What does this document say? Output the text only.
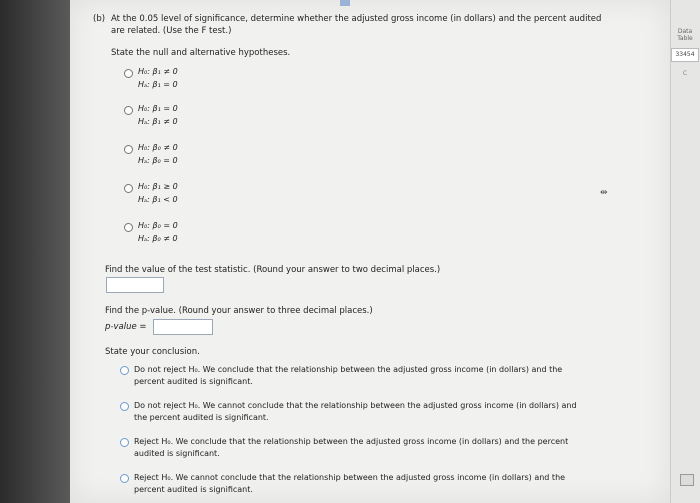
(b) At the 0.05 level of significance, determine whether the adjusted gross income (in dollars) and the percent audited
are related. (Use the F test.)
State the null and alternative hypotheses.
H₀: β₁ ≠ 0
Hₐ: β₁ = 0
H₀: β₁ = 0
Hₐ: β₁ ≠ 0
H₀: β₀ ≠ 0
Hₐ: β₀ = 0
H₀: β₁ ≥ 0
Hₐ: β₁ < 0
H₀: β₀ = 0
Hₐ: β₀ ≠ 0
⇹
Find the value of the test statistic. (Round your answer to two decimal places.)
Find the p-value. (Round your answer to three decimal places.)
p-value =
State your conclusion.
Do not reject H₀. We conclude that the relationship between the adjusted gross income (in dollars) and the
percent audited is significant.
Do not reject H₀. We cannot conclude that the relationship between the adjusted gross income (in dollars) and
the percent audited is significant.
Reject H₀. We conclude that the relationship between the adjusted gross income (in dollars) and the percent
audited is significant.
Reject H₀. We cannot conclude that the relationship between the adjusted gross income (in dollars) and the
percent audited is significant.
Data
Table
33454
C
